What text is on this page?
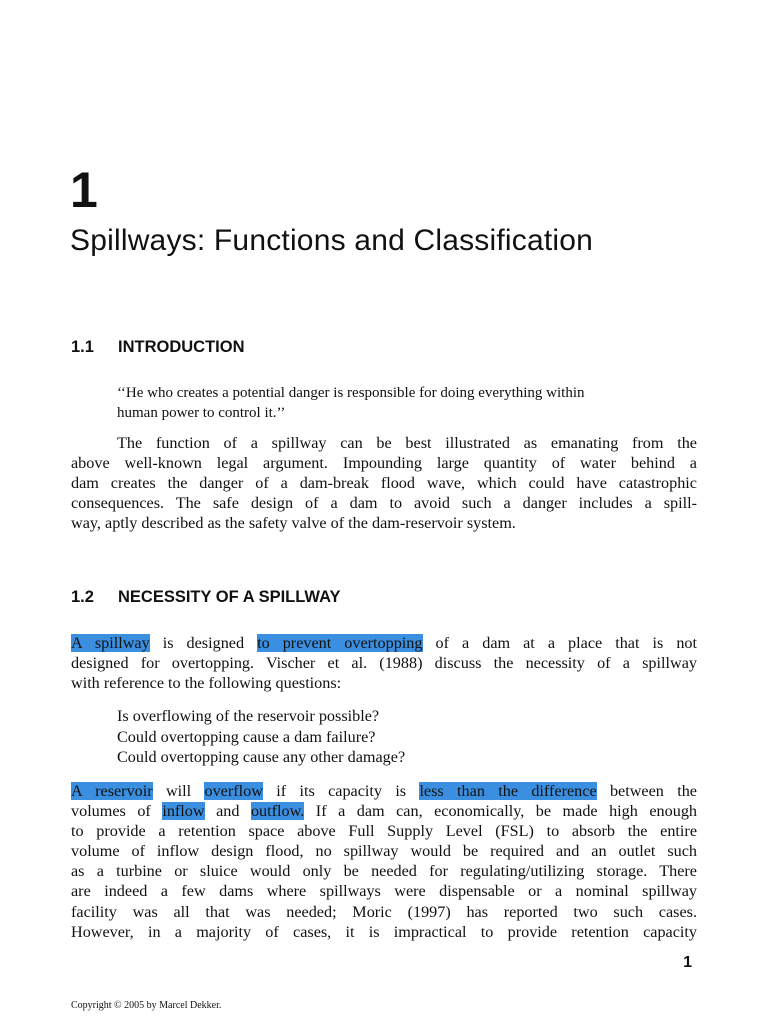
1
Spillways: Functions and Classification
1.1 INTRODUCTION
‘‘He who creates a potential danger is responsible for doing everything within
human power to control it.’’
The function of a spillway can be best illustrated as emanating from the
above well-known legal argument. Impounding large quantity of water behind a
dam creates the danger of a dam-break flood wave, which could have catastrophic
consequences. The safe design of a dam to avoid such a danger includes a spill-
way, aptly described as the safety valve of the dam-reservoir system.
1.2 NECESSITY OF A SPILLWAY
A spillway is designed to prevent overtopping of a dam at a place that is not
designed for overtopping. Vischer et al. (1988) discuss the necessity of a spillway
with reference to the following questions:
Is overflowing of the reservoir possible?
Could overtopping cause a dam failure?
Could overtopping cause any other damage?
A reservoir will overflow if its capacity is less than the difference between the
volumes of inflow and outflow. If a dam can, economically, be made high enough
to provide a retention space above Full Supply Level (FSL) to absorb the entire
volume of inflow design flood, no spillway would be required and an outlet such
as a turbine or sluice would only be needed for regulating/utilizing storage. There
are indeed a few dams where spillways were dispensable or a nominal spillway
facility was all that was needed; Moric (1997) has reported two such cases.
However, in a majority of cases, it is impractical to provide retention capacity
1
Copyright © 2005 by Marcel Dekker.
